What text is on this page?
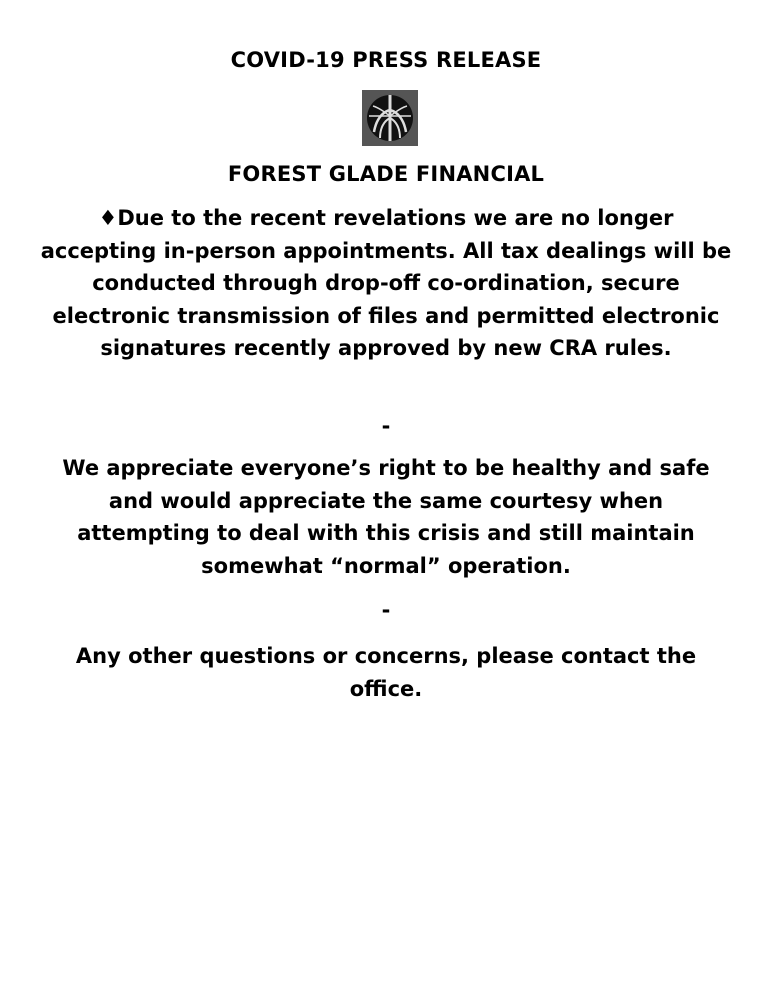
COVID-19 PRESS RELEASE
FOREST GLADE FINANCIAL
♦Due to the recent revelations we are no longer accepting in-person appointments. All tax dealings will be conducted through drop-off co-ordination, secure electronic transmission of files and permitted electronic signatures recently approved by new CRA rules.
-
We appreciate everyone’s right to be healthy and safe and would appreciate the same courtesy when attempting to deal with this crisis and still maintain somewhat “normal” operation.
-
Any other questions or concerns, please contact the office.
